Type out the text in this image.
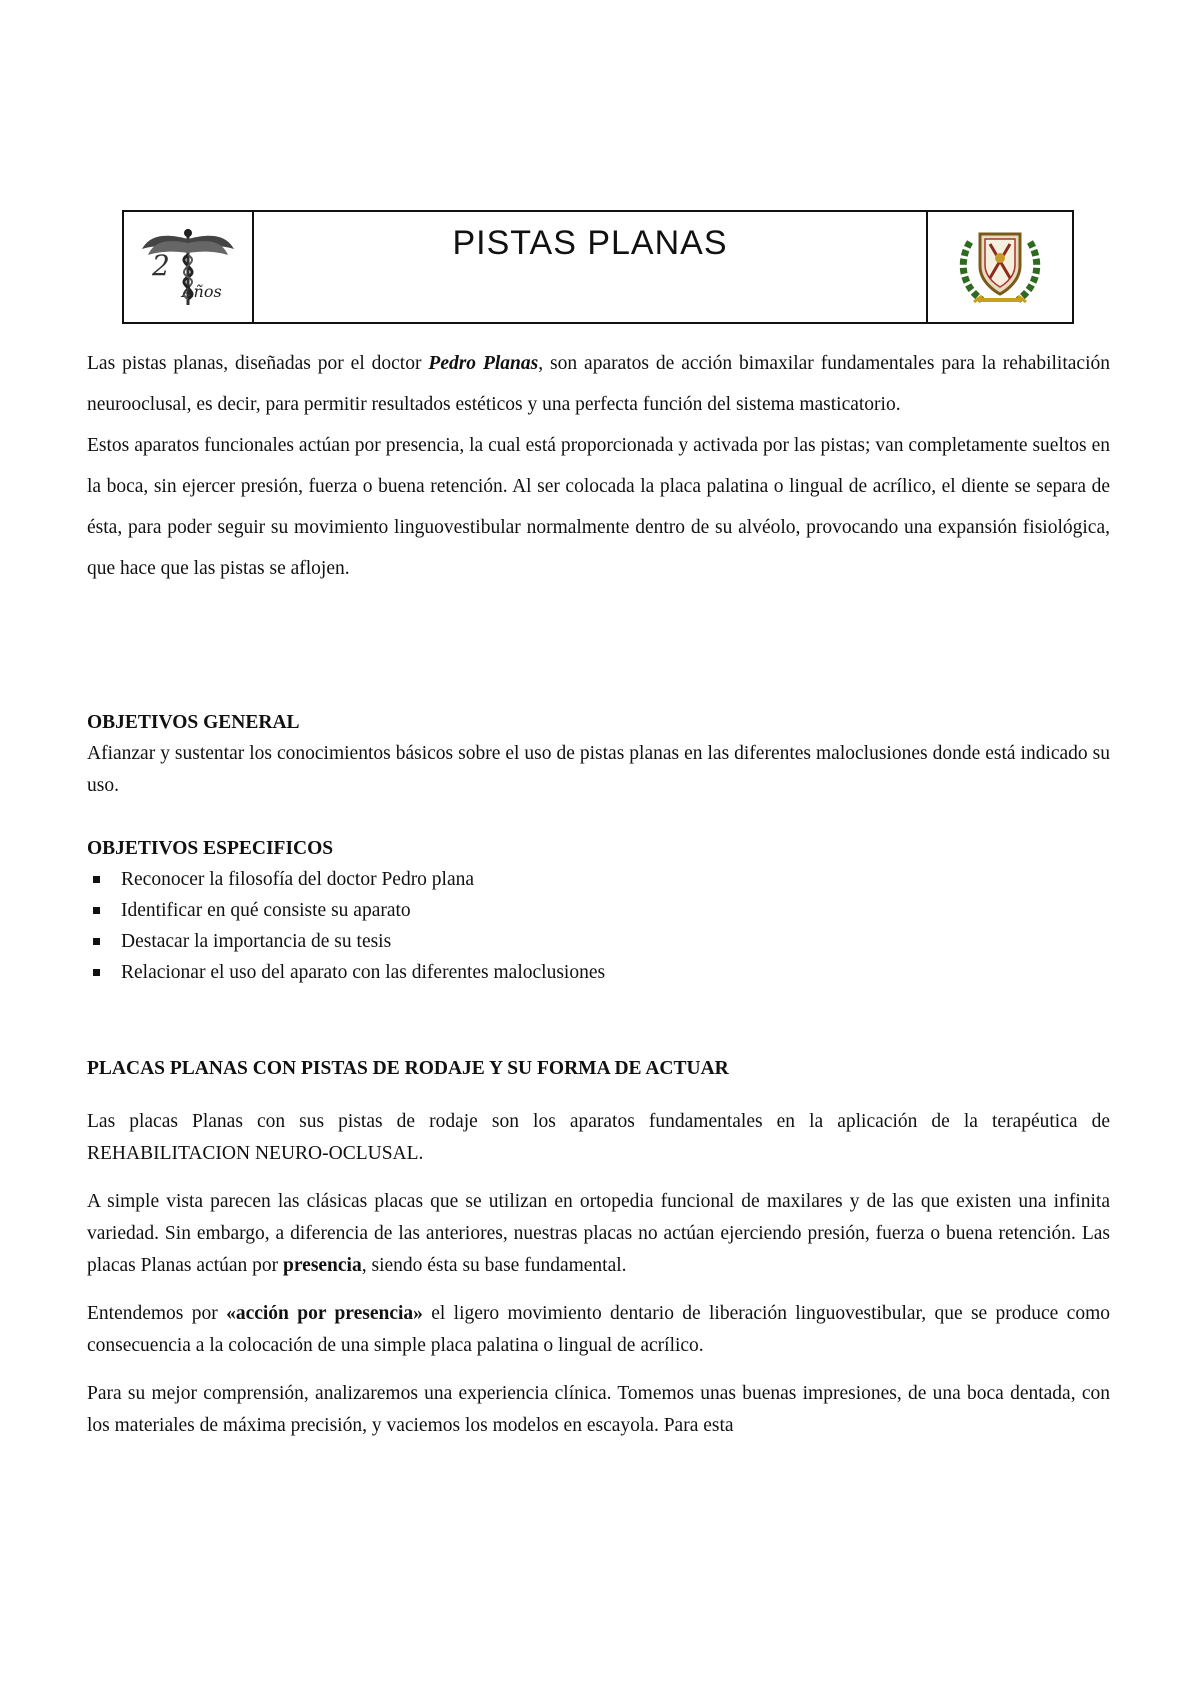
Años
2
PISTAS PLANAS

Las pistas planas, diseñadas por el doctor Pedro Planas, son aparatos de acción bimaxilar fundamentales para la rehabilitación neurooclusal, es decir, para permitir resultados estéticos y una perfecta función del sistema masticatorio.

Estos aparatos funcionales actúan por presencia, la cual está proporcionada y activada por las pistas; van completamente sueltos en la boca, sin ejercer presión, fuerza o buena retención. Al ser colocada la placa palatina o lingual de acrílico, el diente se separa de ésta, para poder seguir su movimiento linguovestibular normalmente dentro de su alvéolo, provocando una expansión fisiológica, que hace que las pistas se aflojen.

OBJETIVOS GENERAL

Afianzar y sustentar los conocimientos básicos sobre el uso de pistas planas en las diferentes maloclusiones donde está indicado su uso.

OBJETIVOS ESPECIFICOS

Reconocer la filosofía del doctor Pedro plana
Identificar en qué consiste su aparato
Destacar la importancia de su tesis
Relacionar el uso del aparato con las diferentes maloclusiones

PLACAS PLANAS CON PISTAS DE RODAJE Y SU FORMA DE ACTUAR

Las placas Planas con sus pistas de rodaje son los aparatos fundamentales en la aplicación de la terapéutica de REHABILITACION NEURO-OCLUSAL.

A simple vista parecen las clásicas placas que se utilizan en ortopedia funcional de maxilares y de las que existen una infinita variedad. Sin embargo, a diferencia de las anteriores, nuestras placas no actúan ejerciendo presión, fuerza o buena retención. Las placas Planas actúan por presencia, siendo ésta su base fundamental.

Entendemos por «acción por presencia» el ligero movimiento dentario de liberación linguovestibular, que se produce como consecuencia a la colocación de una simple placa palatina o lingual de acrílico.

Para su mejor comprensión, analizaremos una experiencia clínica. Tomemos unas buenas impresiones, de una boca dentada, con los materiales de máxima precisión, y vaciemos los modelos en escayola. Para esta
